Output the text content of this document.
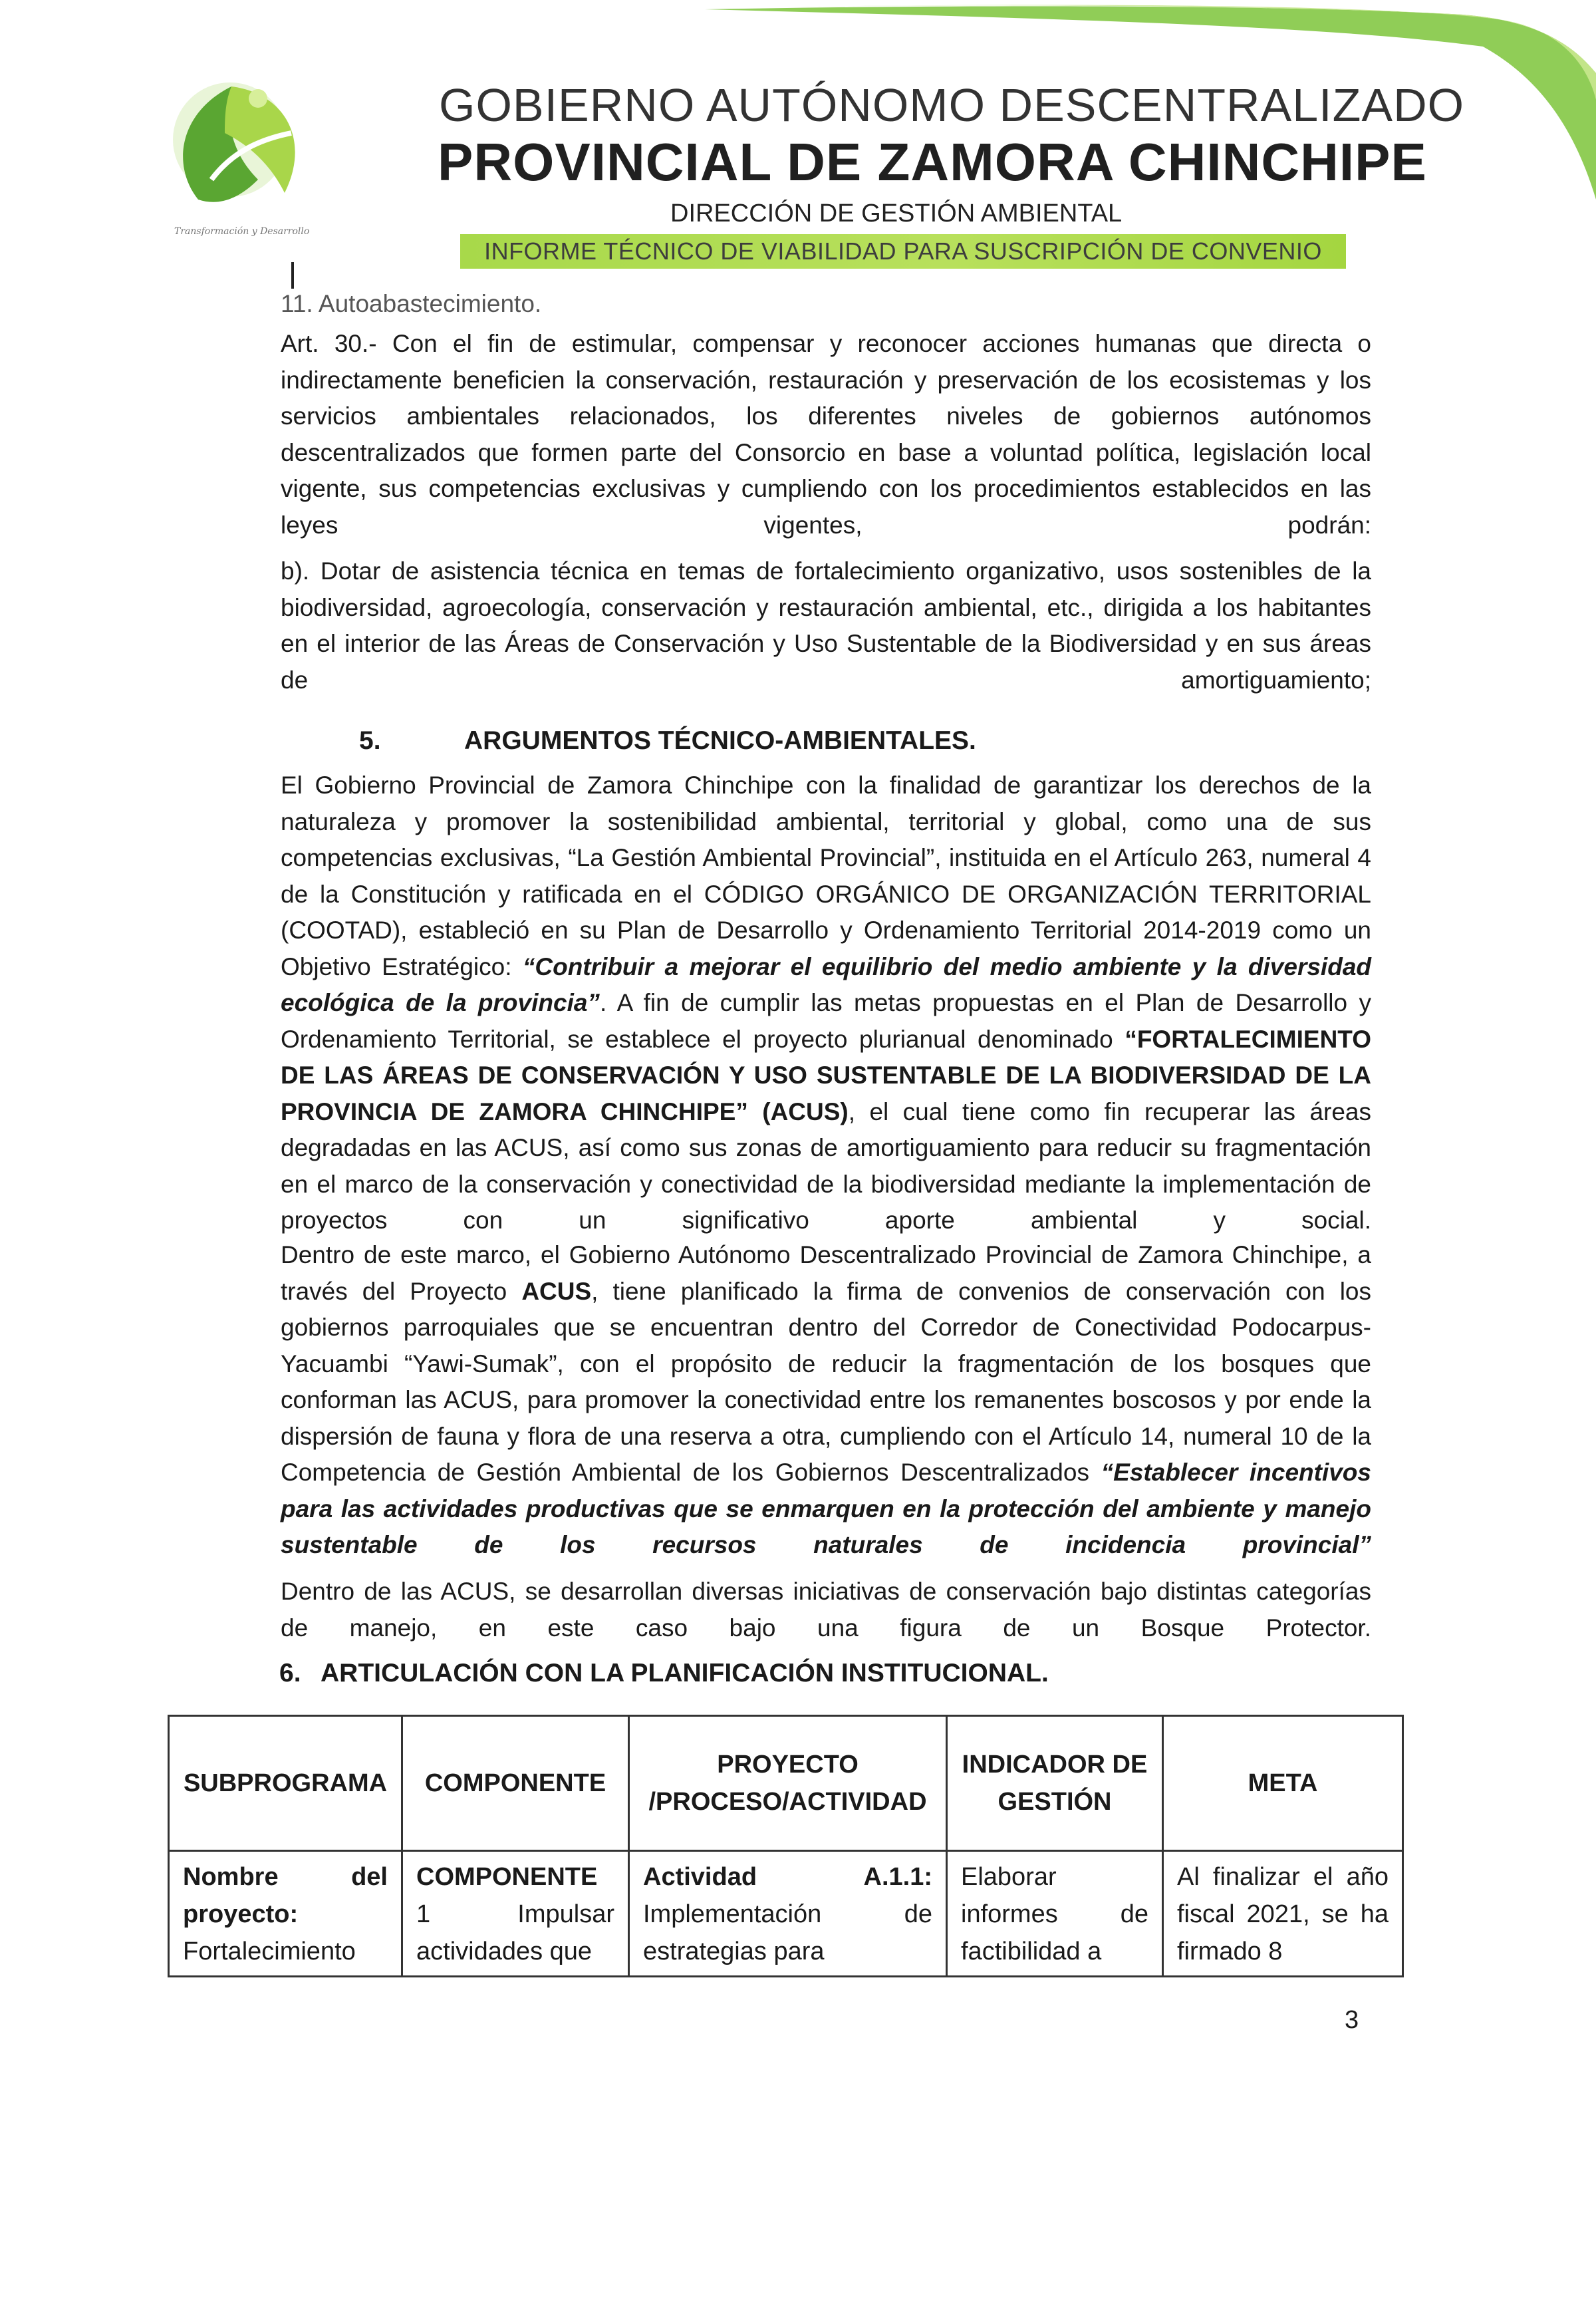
Transformación y Desarrollo
GOBIERNO AUTÓNOMO DESCENTRALIZADO
PROVINCIAL DE ZAMORA CHINCHIPE
DIRECCIÓN DE GESTIÓN AMBIENTAL
INFORME TÉCNICO DE VIABILIDAD PARA SUSCRIPCIÓN DE CONVENIO
11. Autoabastecimiento.
Art. 30.- Con el fin de estimular, compensar y reconocer acciones humanas que directa o indirectamente beneficien la conservación, restauración y preservación de los ecosistemas y los servicios ambientales relacionados, los diferentes niveles de gobiernos autónomos descentralizados que formen parte del Consorcio en base a voluntad política, legislación local vigente, sus competencias exclusivas y cumpliendo con los procedimientos establecidos en las leyes vigentes, podrán:
b). Dotar de asistencia técnica en temas de fortalecimiento organizativo, usos sostenibles de la biodiversidad, agroecología, conservación y restauración ambiental, etc., dirigida a los habitantes en el interior de las Áreas de Conservación y Uso Sustentable de la Biodiversidad y en sus áreas de amortiguamiento;
5.	ARGUMENTOS TÉCNICO-AMBIENTALES.
El Gobierno Provincial de Zamora Chinchipe con la finalidad de garantizar los derechos de la naturaleza y promover la sostenibilidad ambiental, territorial y global, como una de sus competencias exclusivas, “La Gestión Ambiental Provincial”, instituida en el Artículo 263, numeral 4 de la Constitución y ratificada en el CÓDIGO ORGÁNICO DE ORGANIZACIÓN TERRITORIAL (COOTAD), estableció en su Plan de Desarrollo y Ordenamiento Territorial 2014-2019 como un Objetivo Estratégico: “Contribuir a mejorar el equilibrio del medio ambiente y la diversidad ecológica de la provincia”. A fin de cumplir las metas propuestas en el Plan de Desarrollo y Ordenamiento Territorial, se establece el proyecto plurianual denominado “FORTALECIMIENTO DE LAS ÁREAS DE CONSERVACIÓN Y USO SUSTENTABLE DE LA BIODIVERSIDAD DE LA PROVINCIA DE ZAMORA CHINCHIPE” (ACUS), el cual tiene como fin recuperar las áreas degradadas en las ACUS, así como sus zonas de amortiguamiento para reducir su fragmentación en el marco de la conservación y conectividad de la biodiversidad mediante la implementación de proyectos con un significativo aporte ambiental y social.
Dentro de este marco, el Gobierno Autónomo Descentralizado Provincial de Zamora Chinchipe, a través del Proyecto ACUS, tiene planificado la firma de convenios de conservación con los gobiernos parroquiales que se encuentran dentro del Corredor de Conectividad Podocarpus-Yacuambi “Yawi-Sumak”, con el propósito de reducir la fragmentación de los bosques que conforman las ACUS, para promover la conectividad entre los remanentes boscosos y por ende la dispersión de fauna y flora de una reserva a otra, cumpliendo con el Artículo 14, numeral 10 de la Competencia de Gestión Ambiental de los Gobiernos Descentralizados “Establecer incentivos para las actividades productivas que se enmarquen en la protección del ambiente y manejo sustentable de los recursos naturales de incidencia provincial”
Dentro de las ACUS, se desarrollan diversas iniciativas de conservación bajo distintas categorías de manejo, en este caso bajo una figura de un Bosque Protector.
6. ARTICULACIÓN CON LA PLANIFICACIÓN INSTITUCIONAL.
SUBPROGRAMA	COMPONENTE	PROYECTO /PROCESO/ACTIVIDAD	INDICADOR DE GESTIÓN	META
Nombre del proyecto:
Fortalecimiento	COMPONENTE 1 Impulsar actividades que	Actividad A.1.1: Implementación de estrategias para	Elaborar informes de factibilidad a	Al finalizar el año fiscal 2021, se ha firmado 8
3
